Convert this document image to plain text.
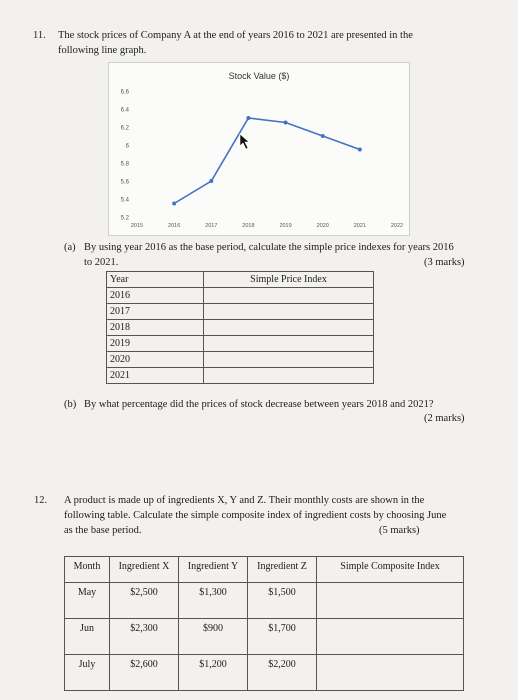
11. The stock prices of Company A at the end of years 2016 to 2021 are presented in the
following line graph.
Stock Value ($)
5.2
5.4
5.6
5.8
6
6.2
6.4
6.6
2015	2016	2017	2018	2019	2020	2021	2022
(a) By using year 2016 as the base period, calculate the simple price indexes for years 2016
to 2021.	(3 marks)
Year	Simple Price Index
2016	
2017	
2018	
2019	
2020	
2021	
(b) By what percentage did the prices of stock decrease between years 2018 and 2021?
(2 marks)
12. A product is made up of ingredients X, Y and Z. Their monthly costs are shown in the
following table. Calculate the simple composite index of ingredient costs by choosing June
as the base period.	(5 marks)
Month	Ingredient X	Ingredient Y	Ingredient Z	Simple Composite Index
May	$2,500	$1,300	$1,500	
Jun	$2,300	$900	$1,700	
July	$2,600	$1,200	$2,200	
